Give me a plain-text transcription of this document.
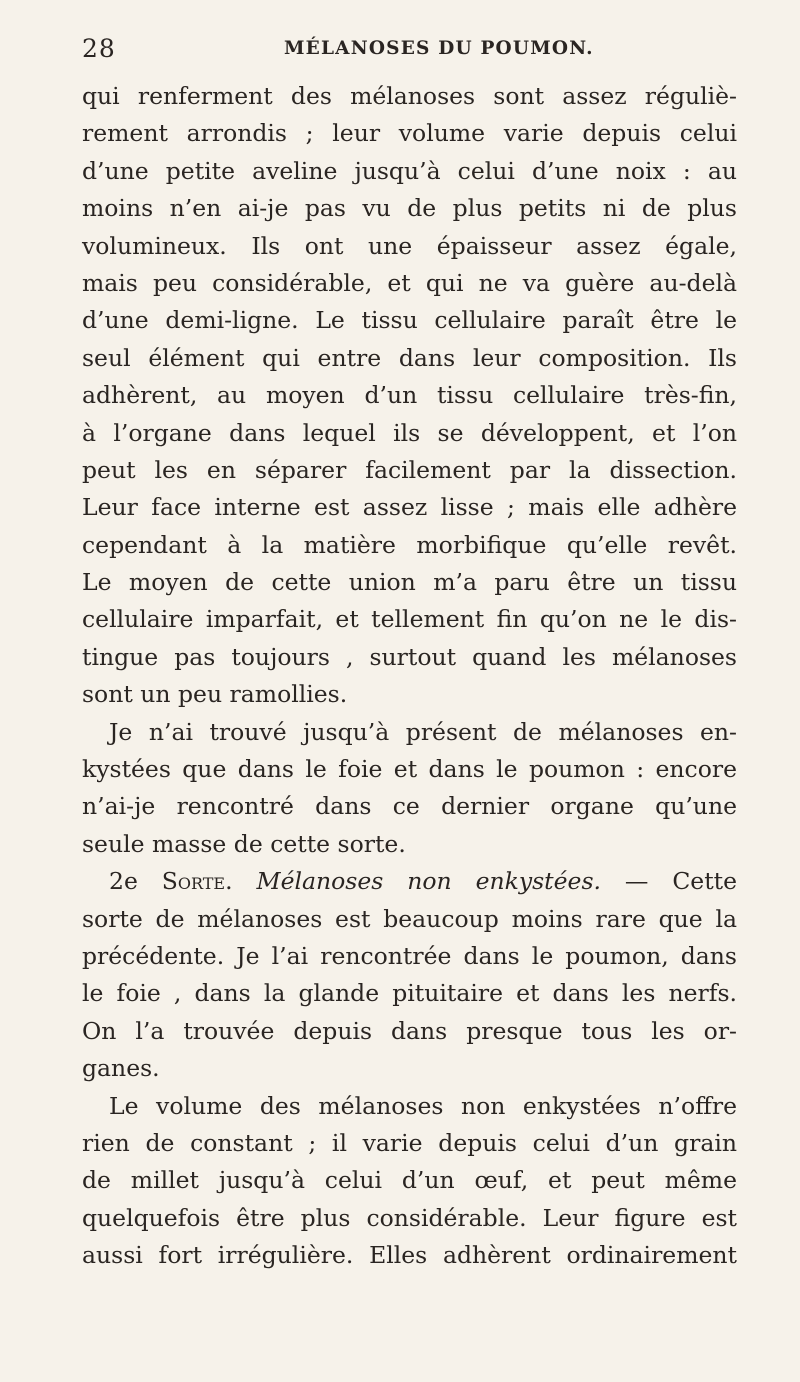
28	MÉLANOSES DU POUMON.
qui renferment des mélanoses sont assez réguliè-
rement arrondis ; leur volume varie depuis celui
d’une petite aveline jusqu’à celui d’une noix : au
moins n’en ai-je pas vu de plus petits ni de plus
volumineux. Ils ont une épaisseur assez égale,
mais peu considérable, et qui ne va guère au-delà
d’une demi-ligne. Le tissu cellulaire paraît être le
seul élément qui entre dans leur composition. Ils
adhèrent, au moyen d’un tissu cellulaire très-fin,
à l’organe dans lequel ils se développent, et l’on
peut les en séparer facilement par la dissection.
Leur face interne est assez lisse ; mais elle adhère
cependant à la matière morbifique qu’elle revêt.
Le moyen de cette union m’a paru être un tissu
cellulaire imparfait, et tellement fin qu’on ne le dis-
tingue pas toujours , surtout quand les mélanoses
sont un peu ramollies.
Je n’ai trouvé jusqu’à présent de mélanoses en-
kystées que dans le foie et dans le poumon : encore
n’ai-je rencontré dans ce dernier organe qu’une
seule masse de cette sorte.
2e Sorte. Mélanoses non enkystées. — Cette
sorte de mélanoses est beaucoup moins rare que la
précédente. Je l’ai rencontrée dans le poumon, dans
le foie , dans la glande pituitaire et dans les nerfs.
On l’a trouvée depuis dans presque tous les or-
ganes.
Le volume des mélanoses non enkystées n’offre
rien de constant ; il varie depuis celui d’un grain
de millet jusqu’à celui d’un œuf, et peut même
quelquefois être plus considérable. Leur figure est
aussi fort irrégulière. Elles adhèrent ordinairement
